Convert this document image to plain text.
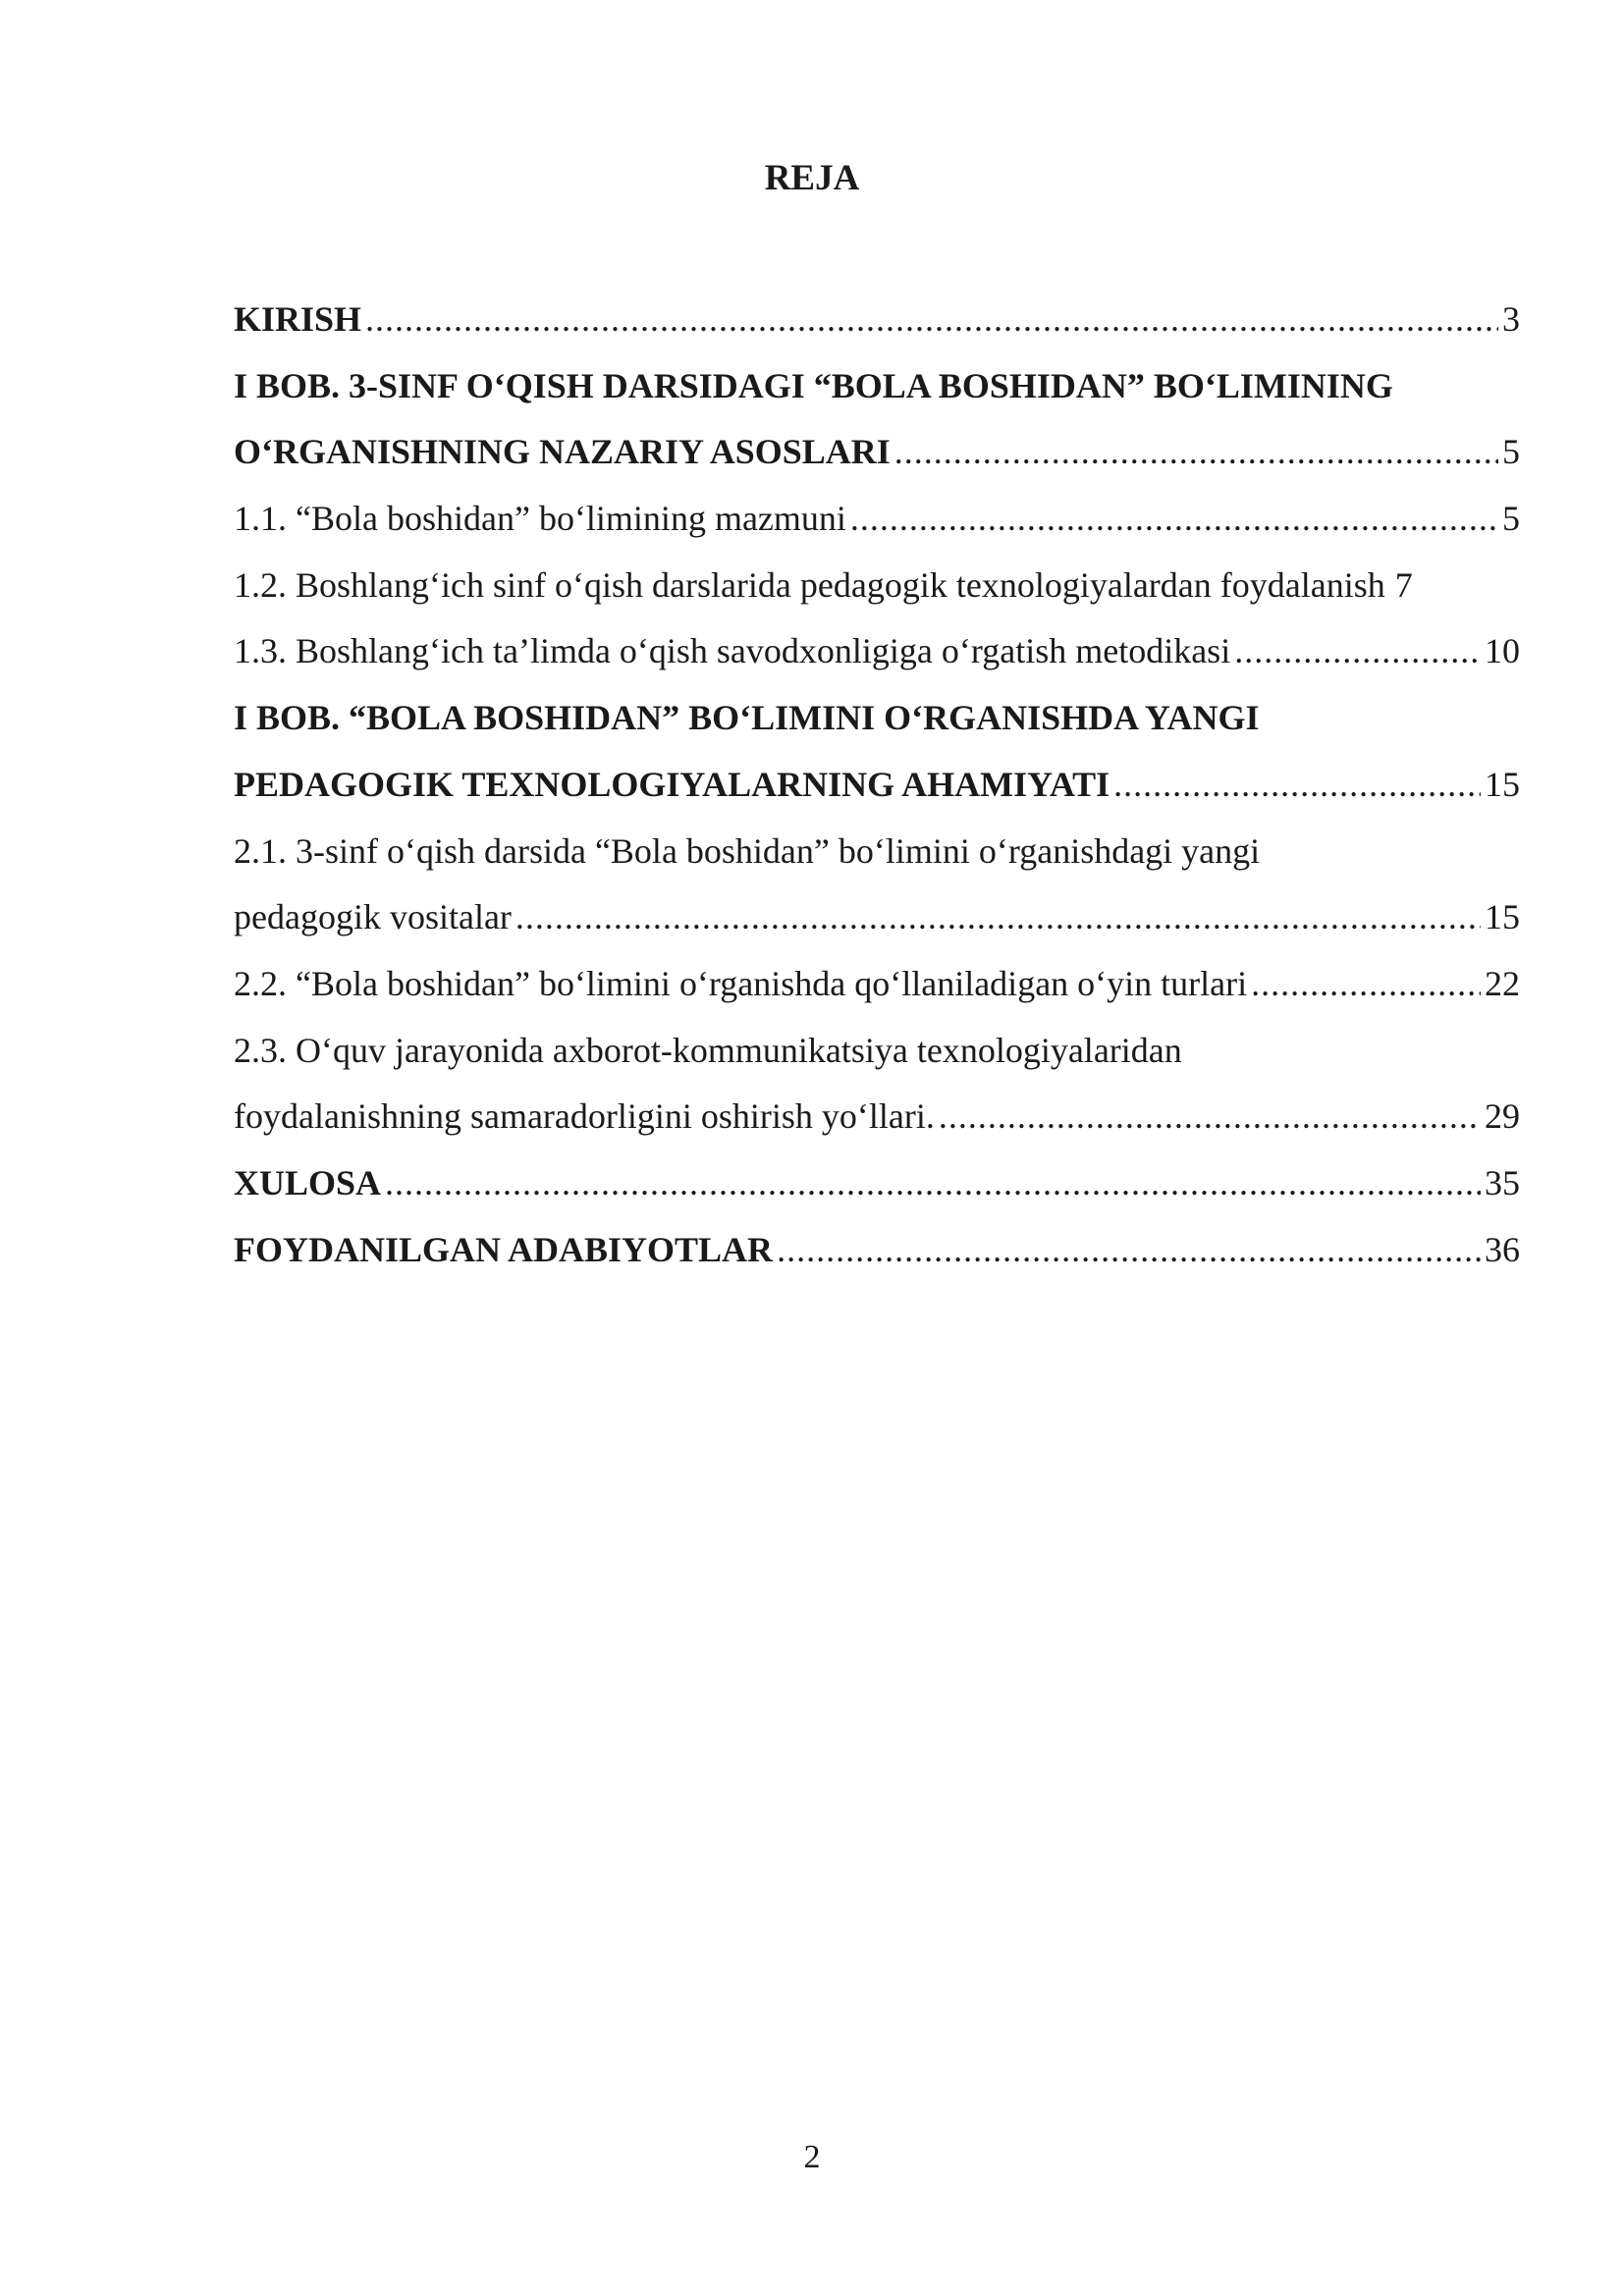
REJA
KIRISH .....	3
I BOB. 3-SINF O‘QISH DARSIDAGI “BOLA BOSHIDAN” BO‘LIMINING
O‘RGANISHNING NAZARIY ASOSLARI .....	5
1.1. “Bola boshidan” bo‘limining mazmuni .....	5
1.2. Boshlang‘ich sinf o‘qish darslarida pedagogik texnologiyalardan foydalanish 7
1.3. Boshlang‘ich ta’limda o‘qish savodxonligiga o‘rgatish metodikasi .....	10
I BOB. “BOLA BOSHIDAN” BO‘LIMINI O‘RGANISHDA YANGI
PEDAGOGIK TEXNOLOGIYALARNING AHAMIYATI .....	15
2.1. 3-sinf o‘qish darsida “Bola boshidan” bo‘limini o‘rganishdagi yangi
pedagogik vositalar .....	15
2.2. “Bola boshidan” bo‘limini o‘rganishda qo‘llaniladigan o‘yin turlari .....	22
2.3. O‘quv jarayonida axborot-kommunikatsiya texnologiyalaridan
foydalanishning samaradorligini oshirish yo‘llari. .....	29
XULOSA .....	35
FOYDANILGAN ADABIYOTLAR .....	36
2
